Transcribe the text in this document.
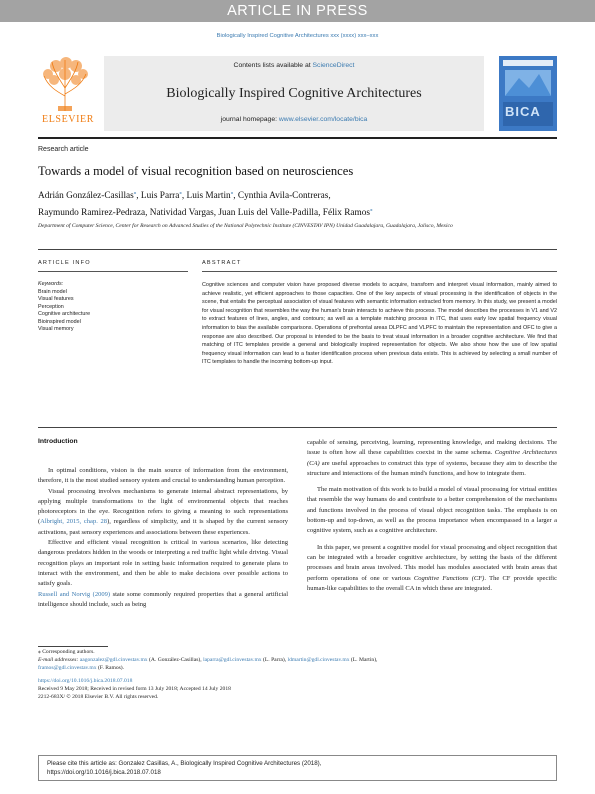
ARTICLE IN PRESS
Biologically Inspired Cognitive Architectures xxx (xxxx) xxx–xxx
ELSEVIER
Contents lists available at ScienceDirect
Biologically Inspired Cognitive Architectures
journal homepage: www.elsevier.com/locate/bica
BICA
Research article
Towards a model of visual recognition based on neurosciences
Adrián González-Casillas⁎, Luis Parra⁎, Luis Martin⁎, Cynthia Avila-Contreras,
Raymundo Ramirez-Pedraza, Natividad Vargas, Juan Luis del Valle-Padilla, Félix Ramos⁎
Department of Computer Science, Center for Research on Advanced Studies of the National Polytechnic Institute (CINVESTAV IPN) Unidad Guadalajara, Guadalajara, Jalisco, Mexico
ARTICLE INFO	ABSTRACT
Keywords:
Brain model
Visual features
Perception
Cognitive architecture
Bioinspired model
Visual memory
Cognitive sciences and computer vision have proposed diverse models to acquire, transform and interpret visual information, mainly aimed to achieve realistic, yet efficient approaches to those capacities. One of the key aspects of visual processing is the identification of objects in the scene, that entails the perceptual association of visual features with semantic information extracted from memory. In this study, we present a model for visual recognition that resembles the way the human's brain interacts to achieve this process. The model describes the processes in V1 and V2 to extract features of lines, angles, and contours; as well as a template matching process in ITC, that uses early low spatial frequency visual information to bias the available comparisons. Operations of prefrontal areas DLPFC and VLPFC to maintain the representation and OFC to give a response are also described. Our proposal is intended to be the basis to treat visual information in a broader cognitive architecture. We find that matching of ITC templates provide a general and biologically inspired representation for objects. We also show how the use of low spatial frequency visual information can lead to a faster identification process when previous data exists. This is achieved by selecting a small number of ITC templates to handle the incoming bottom-up input.
Introduction

In optimal conditions, vision is the main source of information from the environment, therefore, it is the most studied sensory system and crucial to understanding human perception.

Visual processing involves mechanisms to generate internal abstract representations, by applying multiple transformations to the light of environmental objects that reaches photoreceptors in the eye. Recognition refers to giving a meaning to such representations (Albright, 2015, chap. 28), regardless of simplicity, and it is shaped by the current sensory activations, past sensory experiences and associations between these experiences.

Effective and efficient visual recognition is critical in various scenarios, like detecting dangerous predators hidden in the woods or interpreting a red traffic light while driving. Visual recognition plays an important role in setting basic information required to generate plans to interact with the environment, and then be able to make decisions over possible actions to satisfy goals.

Russell and Norvig (2009) state some commonly required properties that a general artificial intelligence should include, such as being

capable of sensing, perceiving, learning, representing knowledge, and making decisions. The issue is often how all these capabilities coexist in the same schema. Cognitive Architectures (CA) are useful approaches to construct this type of systems, because they aim to describe the structure and interactions of the human mind's functions, and how to integrate them.

The main motivation of this work is to build a model of visual processing for virtual entities that resemble the way humans do and contribute to a better comprehension of the mechanisms and functions involved in the process of visual object recognition tasks. The emphasis is on bottom-up and top-down, as well as the process importance when encompassed in a larger a cognitive system, such as a cognitive architecture.

In this paper, we present a cognitive model for visual processing and object recognition that can be integrated with a broader cognitive architecture, by setting the basis of the different processes and brain areas involved. This model has modules associated with brain areas that perform operations of one or various Cognitive Functions (CF). The CF provide specific human-like capabilities to the overall CA in which these are integrated.

⁎ Corresponding authors.
E-mail addresses: aagonzalez@gdl.cinvestav.mx (A. González-Casillas), laparra@gdl.cinvestav.mx (L. Parra), ldmartin@gdl.cinvestav.mx (L. Martin),
framos@gdl.cinvestav.mx (F. Ramos).
https://doi.org/10.1016/j.bica.2018.07.018
Received 9 May 2018; Received in revised form 13 July 2018; Accepted 14 July 2018
2212-683X/ © 2018 Elsevier B.V. All rights reserved.
Please cite this article as: Gonzalez Casillas, A., Biologically Inspired Cognitive Architectures (2018),
https://doi.org/10.1016/j.bica.2018.07.018
